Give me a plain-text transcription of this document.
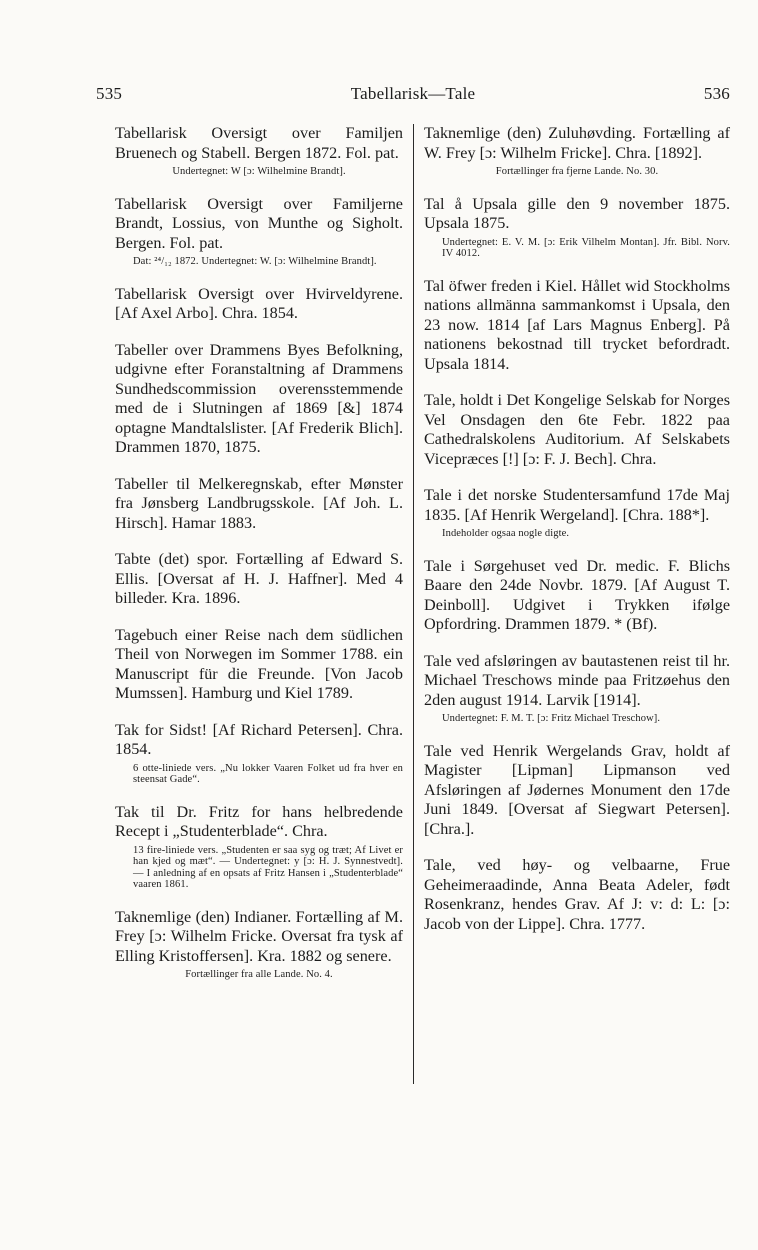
535	Tabellarisk—Tale	536
Tabellarisk Oversigt over Familjen Bruenech og Stabell. Bergen 1872. Fol. pat.
Undertegnet: W [ɔ: Wilhelmine Brandt].
Tabellarisk Oversigt over Familjerne Brandt, Lossius, von Munthe og Sigholt. Bergen. Fol. pat.
Dat: ²⁴/₁₂ 1872. Undertegnet: W. [ɔ: Wilhelmine Brandt].
Tabellarisk Oversigt over Hvirveldyrene. [Af Axel Arbo]. Chra. 1854.
Tabeller over Drammens Byes Befolkning, udgivne efter Foranstaltning af Drammens Sundhedscommission overensstemmende med de i Slutningen af 1869 [&] 1874 optagne Mandtalslister. [Af Frederik Blich]. Drammen 1870, 1875.
Tabeller til Melkeregnskab, efter Mønster fra Jønsberg Landbrugsskole. [Af Joh. L. Hirsch]. Hamar 1883.
Tabte (det) spor. Fortælling af Edward S. Ellis. [Oversat af H. J. Haffner]. Med 4 billeder. Kra. 1896.
Tagebuch einer Reise nach dem südlichen Theil von Norwegen im Sommer 1788. ein Manuscript für die Freunde. [Von Jacob Mumssen]. Hamburg und Kiel 1789.
Tak for Sidst! [Af Richard Petersen]. Chra. 1854.
6 otte-liniede vers. „Nu lokker Vaaren Folket ud fra hver en steensat Gade“.
Tak til Dr. Fritz for hans helbredende Recept i „Studenterblade“. Chra.
13 fire-liniede vers. „Studenten er saa syg og træt; Af Livet er han kjed og mæt“. — Undertegnet: y [ɔ: H. J. Synnestvedt]. — I anledning af en opsats af Fritz Hansen i „Studenterblade“ vaaren 1861.
Taknemlige (den) Indianer. Fortælling af M. Frey [ɔ: Wilhelm Fricke. Oversat fra tysk af Elling Kristoffersen]. Kra. 1882 og senere.
Fortællinger fra alle Lande. No. 4.
Taknemlige (den) Zuluhøvding. Fortælling af W. Frey [ɔ: Wilhelm Fricke]. Chra. [1892].
Fortællinger fra fjerne Lande. No. 30.
Tal å Upsala gille den 9 november 1875. Upsala 1875.
Undertegnet: E. V. M. [ɔ: Erik Vilhelm Montan]. Jfr. Bibl. Norv. IV 4012.
Tal öfwer freden i Kiel. Hållet wid Stockholms nations allmänna sammankomst i Upsala, den 23 now. 1814 [af Lars Magnus Enberg]. På nationens bekostnad till trycket befordradt. Upsala 1814.
Tale, holdt i Det Kongelige Selskab for Norges Vel Onsdagen den 6te Febr. 1822 paa Cathedralskolens Auditorium. Af Selskabets Vicepræces [!] [ɔ: F. J. Bech]. Chra.
Tale i det norske Studentersamfund 17de Maj 1835. [Af Henrik Wergeland]. [Chra. 188*].
Indeholder ogsaa nogle digte.
Tale i Sørgehuset ved Dr. medic. F. Blichs Baare den 24de Novbr. 1879. [Af August T. Deinboll]. Udgivet i Trykken ifølge Opfordring. Drammen 1879. * (Bf).
Tale ved afsløringen av bautastenen reist til hr. Michael Treschows minde paa Fritzøehus den 2den august 1914. Larvik [1914].
Undertegnet: F. M. T. [ɔ: Fritz Michael Treschow].
Tale ved Henrik Wergelands Grav, holdt af Magister [Lipman] Lipmanson ved Afsløringen af Jødernes Monument den 17de Juni 1849. [Oversat af Siegwart Petersen]. [Chra.].
Tale, ved høy- og velbaarne, Frue Geheimeraadinde, Anna Beata Adeler, født Rosenkranz, hendes Grav. Af J: v: d: L: [ɔ: Jacob von der Lippe]. Chra. 1777.
